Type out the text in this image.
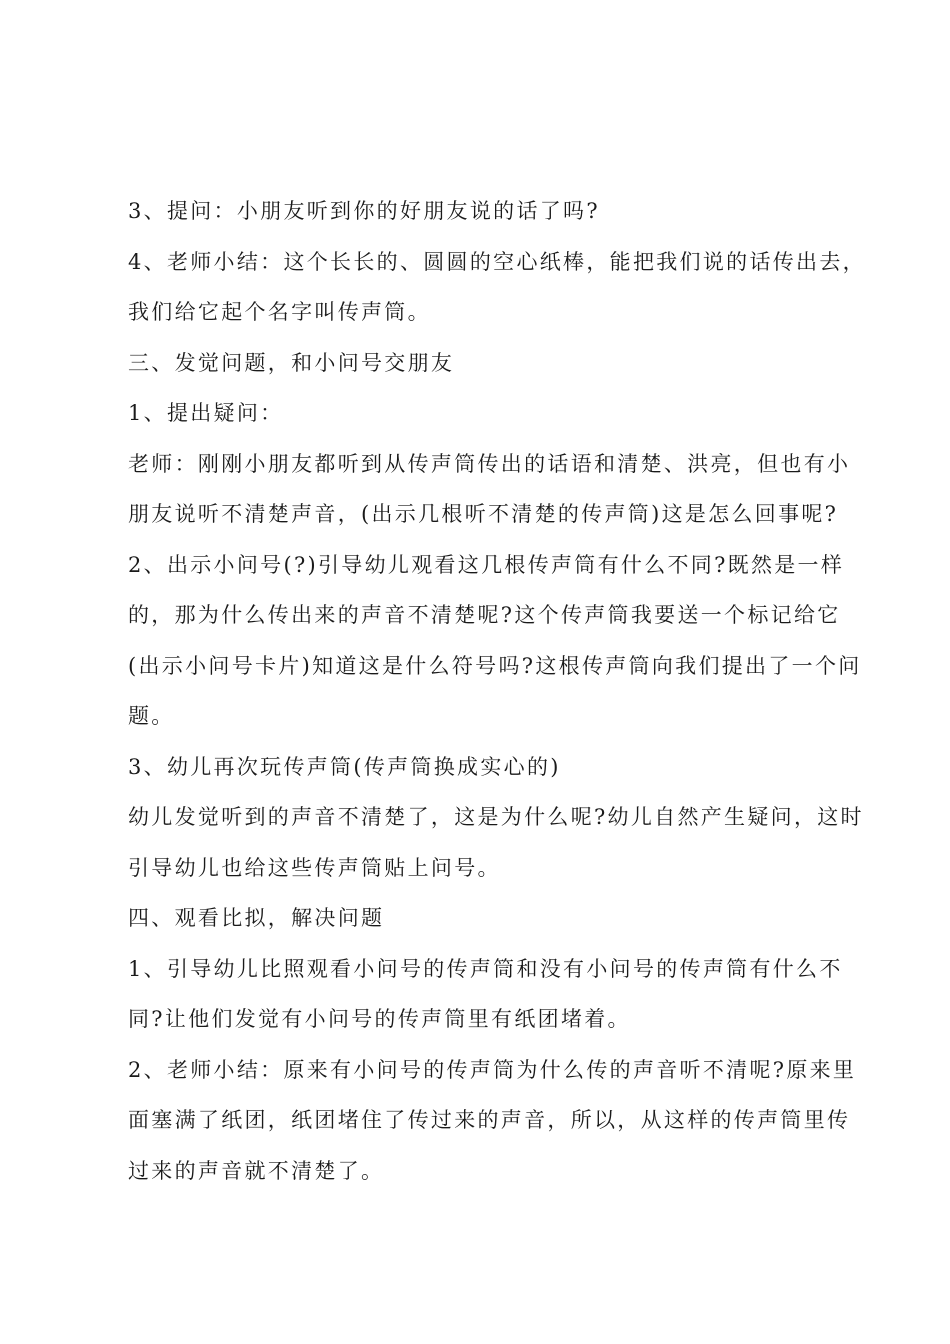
3、提问：小朋友听到你的好朋友说的话了吗?
4、老师小结：这个长长的、圆圆的空心纸棒，能把我们说的话传出去，
我们给它起个名字叫传声筒。
三、发觉问题，和小问号交朋友
1、提出疑问：
老师：刚刚小朋友都听到从传声筒传出的话语和清楚、洪亮，但也有小
朋友说听不清楚声音，(出示几根听不清楚的传声筒)这是怎么回事呢?
2、出示小问号(?)引导幼儿观看这几根传声筒有什么不同?既然是一样
的，那为什么传出来的声音不清楚呢?这个传声筒我要送一个标记给它
(出示小问号卡片)知道这是什么符号吗?这根传声筒向我们提出了一个问
题。
3、幼儿再次玩传声筒(传声筒换成实心的)
幼儿发觉听到的声音不清楚了，这是为什么呢?幼儿自然产生疑问，这时
引导幼儿也给这些传声筒贴上问号。
四、观看比拟，解决问题
1、引导幼儿比照观看小问号的传声筒和没有小问号的传声筒有什么不
同?让他们发觉有小问号的传声筒里有纸团堵着。
2、老师小结：原来有小问号的传声筒为什么传的声音听不清呢?原来里
面塞满了纸团，纸团堵住了传过来的声音，所以，从这样的传声筒里传
过来的声音就不清楚了。
